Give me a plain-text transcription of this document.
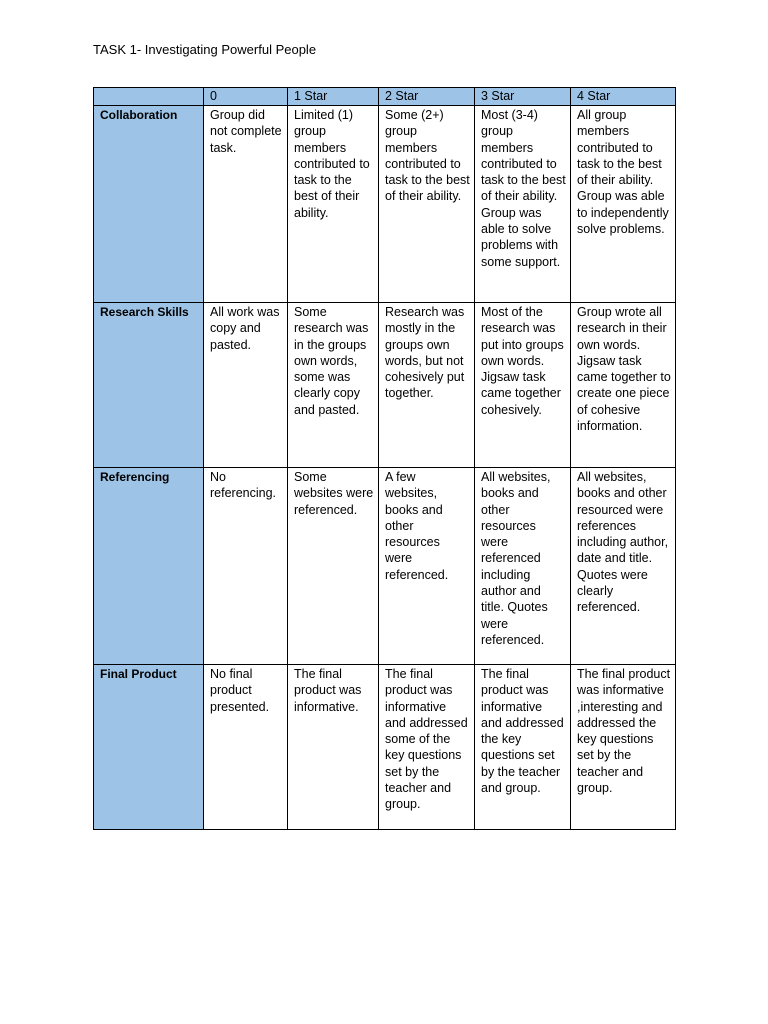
TASK 1- Investigating Powerful People
	0	1 Star	2 Star	3 Star	4 Star
Collaboration	Group did not complete task.	Limited (1) group members contributed to task to the best of their ability.	Some (2+) group members contributed to task to the best of their ability.	Most (3-4) group members contributed to task to the best of their ability. Group was able to solve problems with some support.	All group members contributed to task to the best of their ability. Group was able to independently solve problems.
Research Skills	All work was copy and pasted.	Some research was in the groups own words, some was clearly copy and pasted.	Research was mostly in the groups own words, but not cohesively put together.	Most of the research was put into groups own words. Jigsaw task came together cohesively.	Group wrote all research in their own words. Jigsaw task came together to create one piece of cohesive information.
Referencing	No referencing.	Some websites were referenced.	A few websites, books and other resources were referenced.	All websites, books and other resources were referenced including author and title. Quotes were referenced.	All websites, books and other resourced were references including author, date and title. Quotes were clearly referenced.
Final Product	No final product presented.	The final product was informative.	The final product was informative and addressed some of the key questions set by the teacher and group.	The final product was informative and addressed the key questions set by the teacher and group.	The final product was informative ,interesting and addressed the key questions set by the teacher and group.
